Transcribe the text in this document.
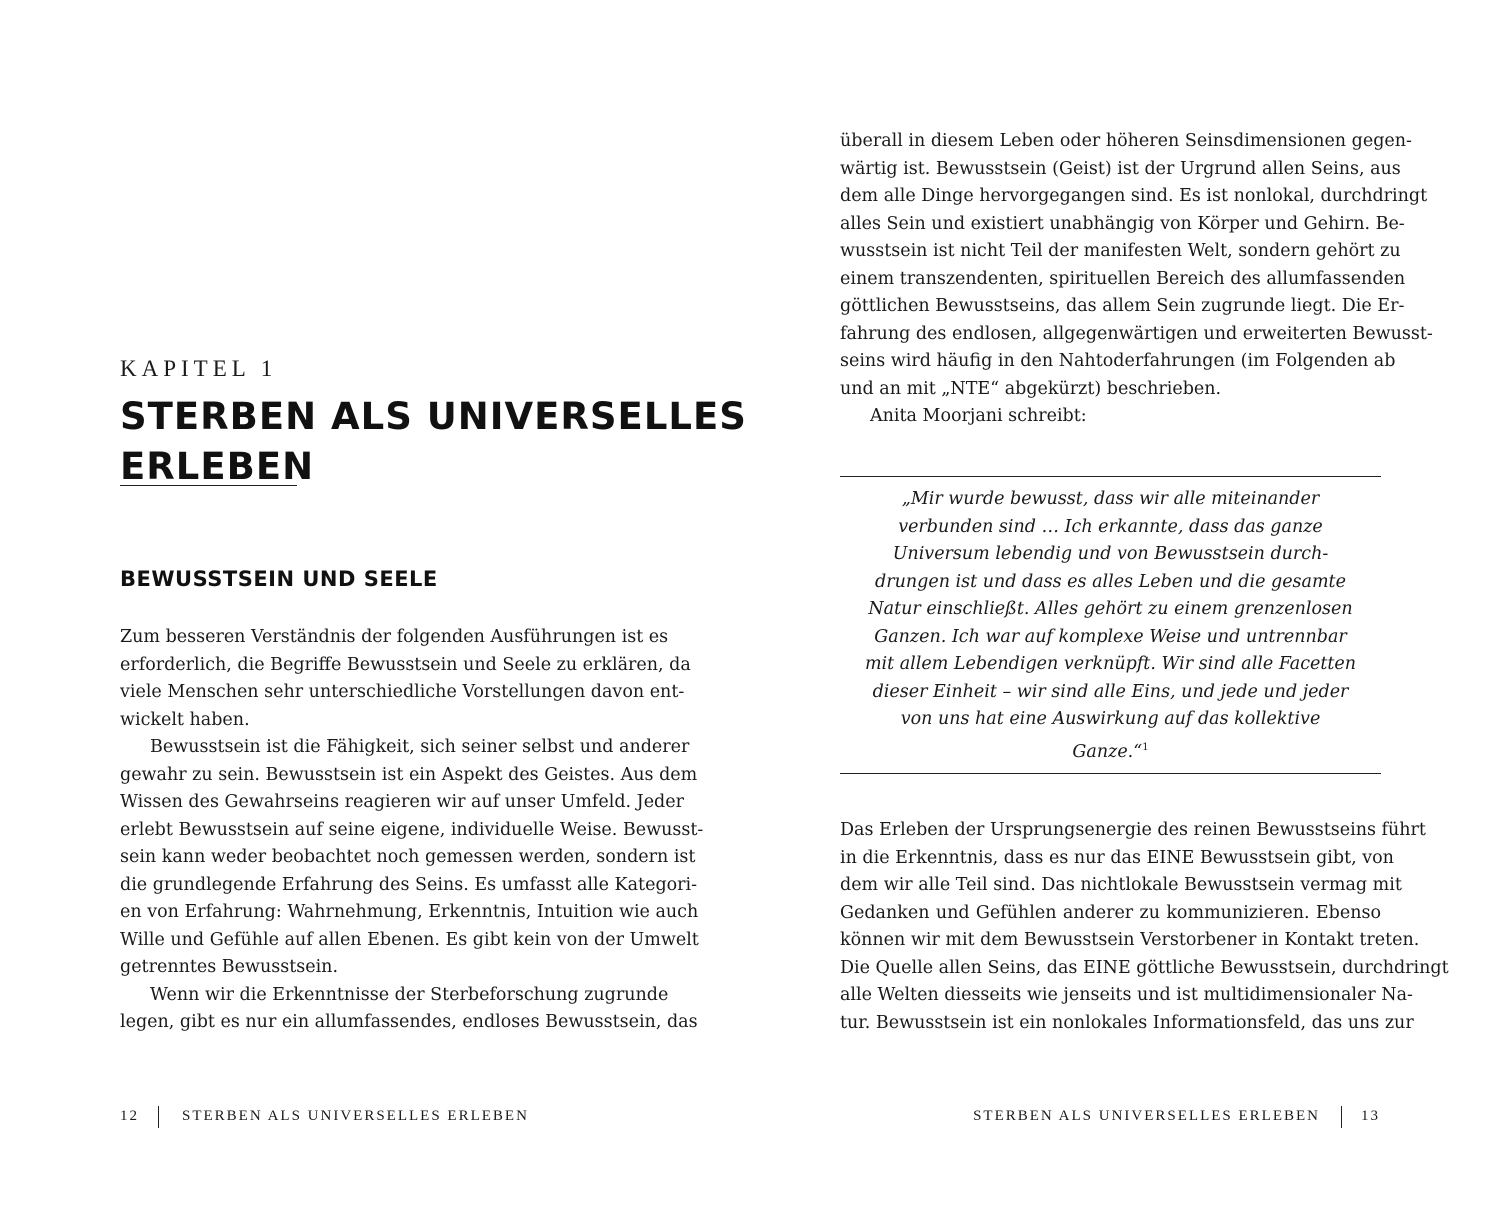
KAPITEL 1
STERBEN ALS UNIVERSELLES
ERLEBEN
BEWUSSTSEIN UND SEELE
Zum besseren Verständnis der folgenden Ausführungen ist es
erforderlich, die Begriffe Bewusstsein und Seele zu erklären, da
viele Menschen sehr unterschiedliche Vorstellungen davon ent-
wickelt haben.
Bewusstsein ist die Fähigkeit, sich seiner selbst und anderer
gewahr zu sein. Bewusstsein ist ein Aspekt des Geistes. Aus dem
Wissen des Gewahrseins reagieren wir auf unser Umfeld. Jeder
erlebt Bewusstsein auf seine eigene, individuelle Weise. Bewusst-
sein kann weder beobachtet noch gemessen werden, sondern ist
die grundlegende Erfahrung des Seins. Es umfasst alle Kategori-
en von Erfahrung: Wahrnehmung, Erkenntnis, Intuition wie auch
Wille und Gefühle auf allen Ebenen. Es gibt kein von der Umwelt
getrenntes Bewusstsein.
Wenn wir die Erkenntnisse der Sterbeforschung zugrunde
legen, gibt es nur ein allumfassendes, endloses Bewusstsein, das
12	STERBEN ALS UNIVERSELLES ERLEBEN
überall in diesem Leben oder höheren Seinsdimensionen gegen-
wärtig ist. Bewusstsein (Geist) ist der Urgrund allen Seins, aus
dem alle Dinge hervorgegangen sind. Es ist nonlokal, durchdringt
alles Sein und existiert unabhängig von Körper und Gehirn. Be-
wusstsein ist nicht Teil der manifesten Welt, sondern gehört zu
einem transzendenten, spirituellen Bereich des allumfassenden
göttlichen Bewusstseins, das allem Sein zugrunde liegt. Die Er-
fahrung des endlosen, allgegenwärtigen und erweiterten Bewusst-
seins wird häufig in den Nahtoderfahrungen (im Folgenden ab
und an mit „NTE“ abgekürzt) beschrieben.
Anita Moorjani schreibt:
„Mir wurde bewusst, dass wir alle miteinander
verbunden sind … Ich erkannte, dass das ganze
Universum lebendig und von Bewusstsein durch-
drungen ist und dass es alles Leben und die gesamte
Natur einschließt. Alles gehört zu einem grenzenlosen
Ganzen. Ich war auf komplexe Weise und untrennbar
mit allem Lebendigen verknüpft. Wir sind alle Facetten
dieser Einheit – wir sind alle Eins, und jede und jeder
von uns hat eine Auswirkung auf das kollektive
Ganze.“$^1$
Das Erleben der Ursprungsenergie des reinen Bewusstseins führt
in die Erkenntnis, dass es nur das EINE Bewusstsein gibt, von
dem wir alle Teil sind. Das nichtlokale Bewusstsein vermag mit
Gedanken und Gefühlen anderer zu kommunizieren. Ebenso
können wir mit dem Bewusstsein Verstorbener in Kontakt treten.
Die Quelle allen Seins, das EINE göttliche Bewusstsein, durchdringt
alle Welten diesseits wie jenseits und ist multidimensionaler Na-
tur. Bewusstsein ist ein nonlokales Informationsfeld, das uns zur
STERBEN ALS UNIVERSELLES ERLEBEN	13
